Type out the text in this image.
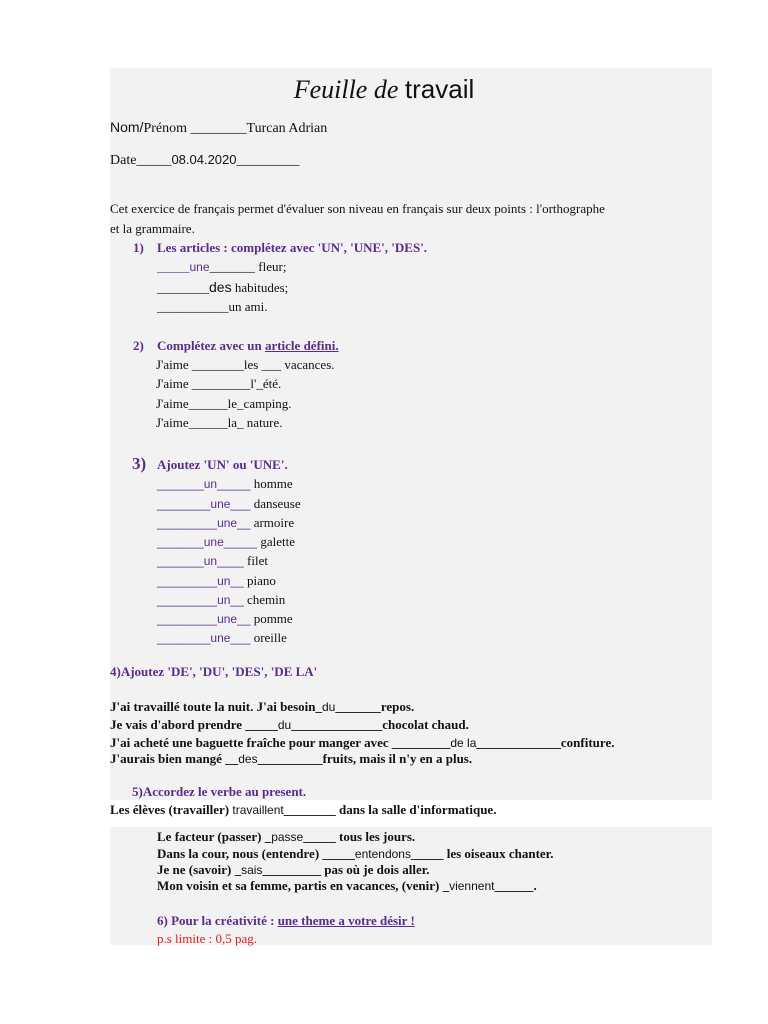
Feuille de travail
Nom/Prénom ________Turcan Adrian
Date_____08.04.2020_________
Cet exercice de français permet d'évaluer son niveau en français sur deux points : l'orthographe
et la grammaire.
1) Les articles : complétez avec 'UN', 'UNE', 'DES'.
_____une_______ fleur;
________des habitudes;
___________un ami.
2) Complétez avec un article défini.
J'aime ________les ___ vacances.
J'aime _________l'_été.
J'aime______le_camping.
J'aime______la_ nature.
3) Ajoutez 'UN' ou 'UNE'.
_______un_____ homme
________une___ danseuse
_________une__ armoire
_______une_____ galette
_______un____ filet
_________un__ piano
_________un__ chemin
_________une__ pomme
________une___ oreille
4)Ajoutez 'DE', 'DU', 'DES', 'DE LA'
J'ai travaillé toute la nuit. J'ai besoin_du_______repos.
Je vais d'abord prendre _____du______________chocolat chaud.
J'ai acheté une baguette fraîche pour manger avec _________de la_____________confiture.
J'aurais bien mangé __des__________fruits, mais il n'y en a plus.
5)Accordez le verbe au present.
Les élèves (travailler) travaillent________ dans la salle d'informatique.
Le facteur (passer) _passe_____ tous les jours.
Dans la cour, nous (entendre) _____entendons_____ les oiseaux chanter.
Je ne (savoir) _sais_________ pas où je dois aller.
Mon voisin et sa femme, partis en vacances, (venir) _viennent______.
6) Pour la créativité : une theme a votre désir !
p.s limite : 0,5 pag.
